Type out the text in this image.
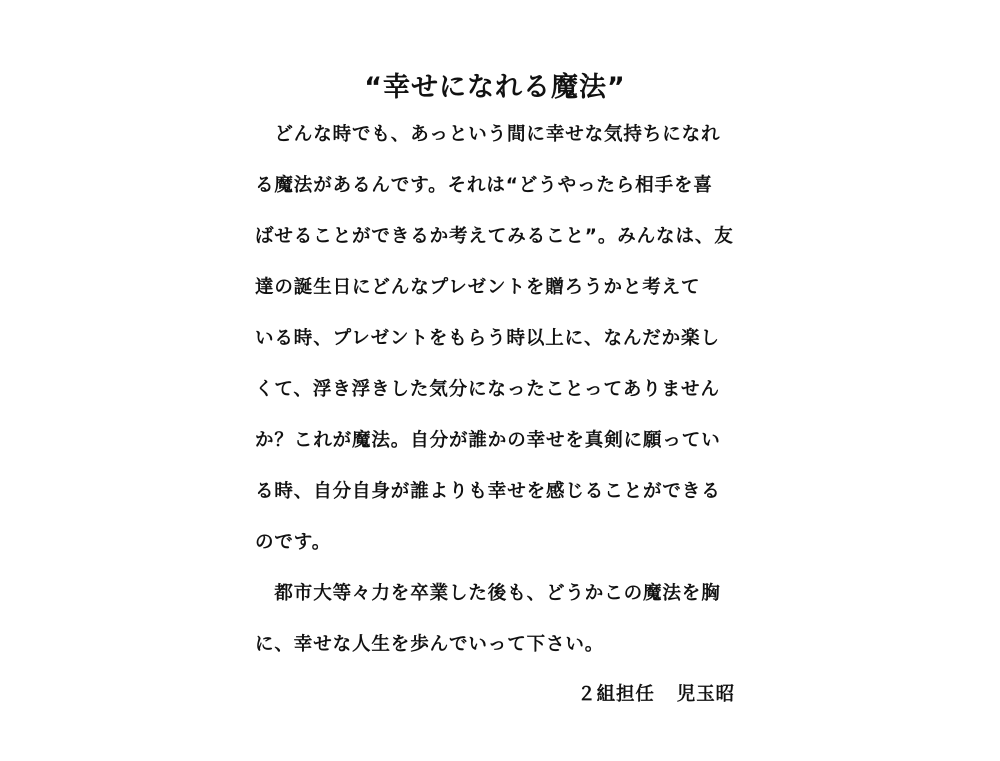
“幸せになれる魔法”
　どんな時でも、あっという間に幸せな気持ちになれ
る魔法があるんです。それは“どうやったら相手を喜
ばせることができるか考えてみること”。みんなは、友
達の誕生日にどんなプレゼントを贈ろうかと考えて
いる時、プレゼントをもらう時以上に、なんだか楽し
くて、浮き浮きした気分になったことってありません
か？これが魔法。自分が誰かの幸せを真剣に願ってい
る時、自分自身が誰よりも幸せを感じることができる
のです。
　都市大等々力を卒業した後も、どうかこの魔法を胸
に、幸せな人生を歩んでいって下さい。
２組担任 児玉昭
